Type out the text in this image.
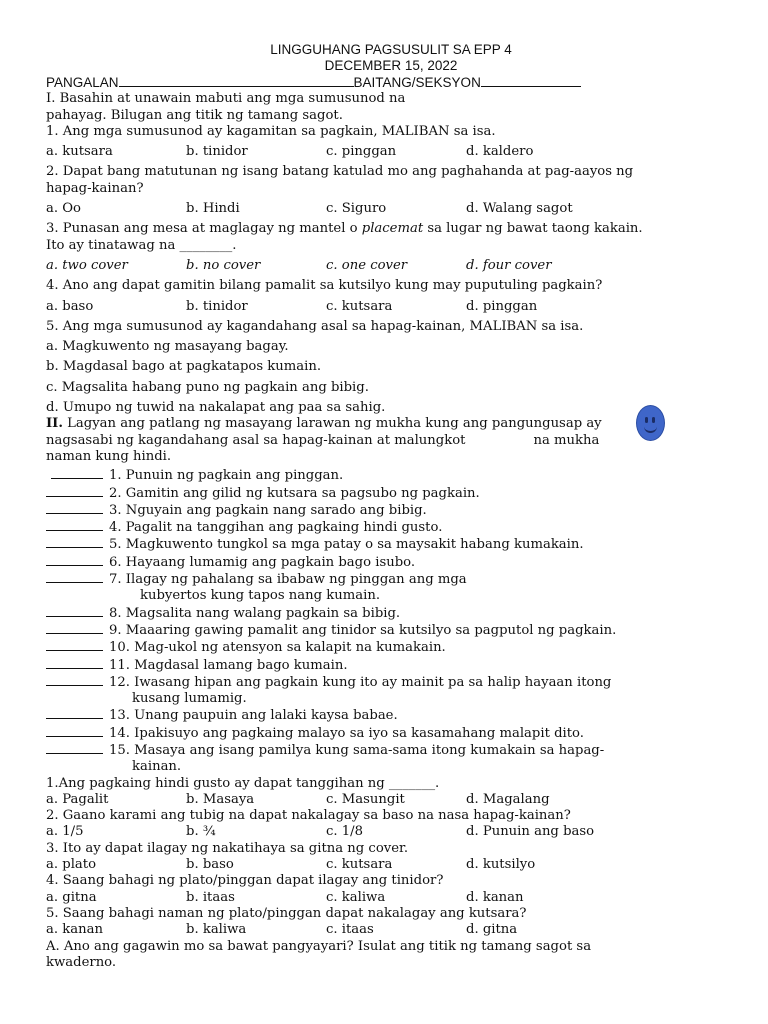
LINGGUHANG PAGSUSULIT SA EPP 4
DECEMBER 15, 2022
PANGALAN	BAITANG/SEKSYON
I. Basahin at unawain mabuti ang mga sumusunod na
pahayag. Bilugan ang titik ng tamang sagot.
1. Ang mga sumusunod ay kagamitan sa pagkain, MALIBAN sa isa.
a. kutsara	b. tinidor	c. pinggan	d. kaldero
2. Dapat bang matutunan ng isang batang katulad mo ang paghahanda at pag-aayos ng
hapag-kainan?
a. Oo	b. Hindi	c. Siguro	d. Walang sagot
3. Punasan ang mesa at maglagay ng mantel o placemat sa lugar ng bawat taong kakain.
Ito ay tinatawag na ________.
a. two cover	b. no cover	c. one cover	d. four cover
4. Ano ang dapat gamitin bilang pamalit sa kutsilyo kung may puputuling pagkain?
a. baso	b. tinidor	c. kutsara	d. pinggan
5. Ang mga sumusunod ay kagandahang asal sa hapag-kainan, MALIBAN sa isa.
a. Magkuwento ng masayang bagay.
b. Magdasal bago at pagkatapos kumain.
c. Magsalita habang puno ng pagkain ang bibig.
d. Umupo ng tuwid na nakalapat ang paa sa sahig.
II. Lagyan ang patlang ng masayang larawan ng mukha kung ang pangungusap ay
nagsasabi ng kagandahang asal sa hapag-kainan at malungkot	na mukha
naman kung hindi.
1. Punuin ng pagkain ang pinggan.
2. Gamitin ang gilid ng kutsara sa pagsubo ng pagkain.
3. Nguyain ang pagkain nang sarado ang bibig.
4. Pagalit na tanggihan ang pagkaing hindi gusto.
5. Magkuwento tungkol sa mga patay o sa maysakit habang kumakain.
6. Hayaang lumamig ang pagkain bago isubo.
7. Ilagay ng pahalang sa ibabaw ng pinggan ang mga
kubyertos kung tapos nang kumain.
8. Magsalita nang walang pagkain sa bibig.
9. Maaaring gawing pamalit ang tinidor sa kutsilyo sa pagputol ng pagkain.
10. Mag-ukol ng atensyon sa kalapit na kumakain.
11. Magdasal lamang bago kumain.
12. Iwasang hipan ang pagkain kung ito ay mainit pa sa halip hayaan itong
kusang lumamig.
13. Unang paupuin ang lalaki kaysa babae.
14. Ipakisuyo ang pagkaing malayo sa iyo sa kasamahang malapit dito.
15. Masaya ang isang pamilya kung sama-sama itong kumakain sa hapag-
kainan.
1.Ang pagkaing hindi gusto ay dapat tanggihan ng _______.
a. Pagalit	b. Masaya	c. Masungit	d. Magalang
2. Gaano karami ang tubig na dapat nakalagay sa baso na nasa hapag-kainan?
a. 1/5	b. ¾	c. 1/8	d. Punuin ang baso
3. Ito ay dapat ilagay ng nakatihaya sa gitna ng cover.
a. plato	b. baso	c. kutsara	d. kutsilyo
4. Saang bahagi ng plato/pinggan dapat ilagay ang tinidor?
a. gitna	b. itaas	c. kaliwa	d. kanan
5. Saang bahagi naman ng plato/pinggan dapat nakalagay ang kutsara?
a. kanan	b. kaliwa	c. itaas	d. gitna
A. Ano ang gagawin mo sa bawat pangyayari? Isulat ang titik ng tamang sagot sa
kwaderno.
